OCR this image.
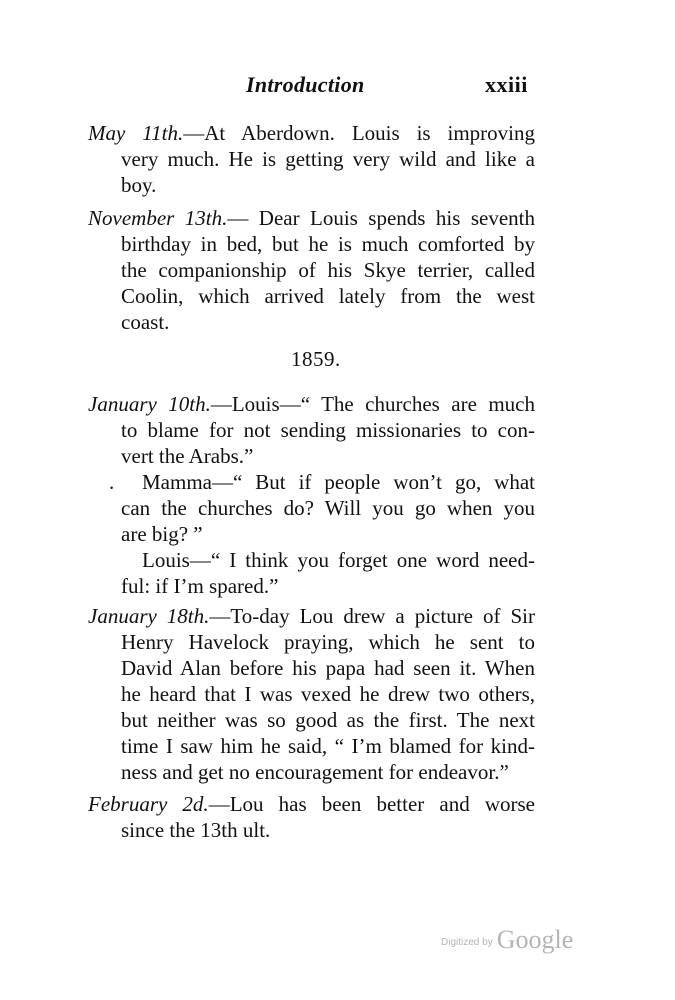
Introduction	xxiii
May 11th.—At Aberdown. Louis is improving
very much. He is getting very wild and like a
boy.
November 13th.— Dear Louis spends his seventh
birthday in bed, but he is much comforted by
the companionship of his Skye terrier, called
Coolin, which arrived lately from the west
coast.
1859.
January 10th.—Louis—“ The churches are much
to blame for not sending missionaries to con-
vert the Arabs.”
Mamma—“ But if people won’t go, what
can the churches do? Will you go when you
are big? ”
Louis—“ I think you forget one word need-
ful: if I’m spared.”
.
January 18th.—To-day Lou drew a picture of Sir
Henry Havelock praying, which he sent to
David Alan before his papa had seen it. When
he heard that I was vexed he drew two others,
but neither was so good as the first. The next
time I saw him he said, “ I’m blamed for kind-
ness and get no encouragement for endeavor.”
February 2d.—Lou has been better and worse
since the 13th ult.
Digitized by Google
